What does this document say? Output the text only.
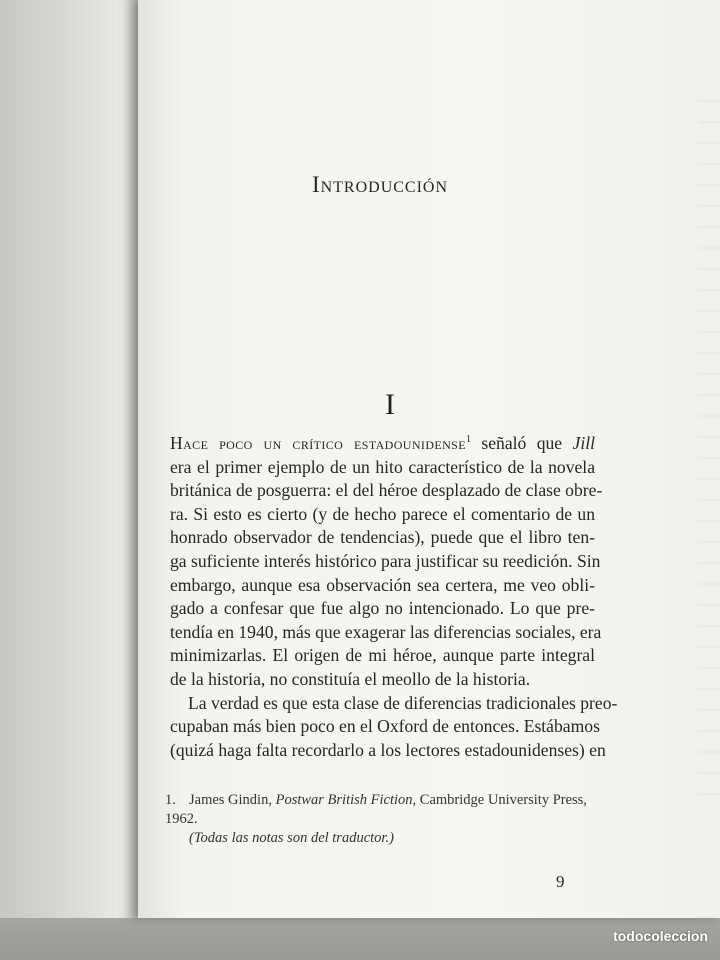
Introducción
I
Hace poco un crítico estadounidense$^1$ señaló que Jill
era el primer ejemplo de un hito característico de la novela
británica de posguerra: el del héroe desplazado de clase obre-
ra. Si esto es cierto (y de hecho parece el comentario de un
honrado observador de tendencias), puede que el libro ten-
ga suficiente interés histórico para justificar su reedición. Sin
embargo, aunque esa observación sea certera, me veo obli-
gado a confesar que fue algo no intencionado. Lo que pre-
tendía en 1940, más que exagerar las diferencias sociales, era
minimizarlas. El origen de mi héroe, aunque parte integral
de la historia, no constituía el meollo de la historia.
La verdad es que esta clase de diferencias tradicionales preo-
cupaban más bien poco en el Oxford de entonces. Estábamos
(quizá haga falta recordarlo a los lectores estadounidenses) en
1. James Gindin, Postwar British Fiction, Cambridge University Press, 1962.
(Todas las notas son del traductor.)
9
todocoleccion
